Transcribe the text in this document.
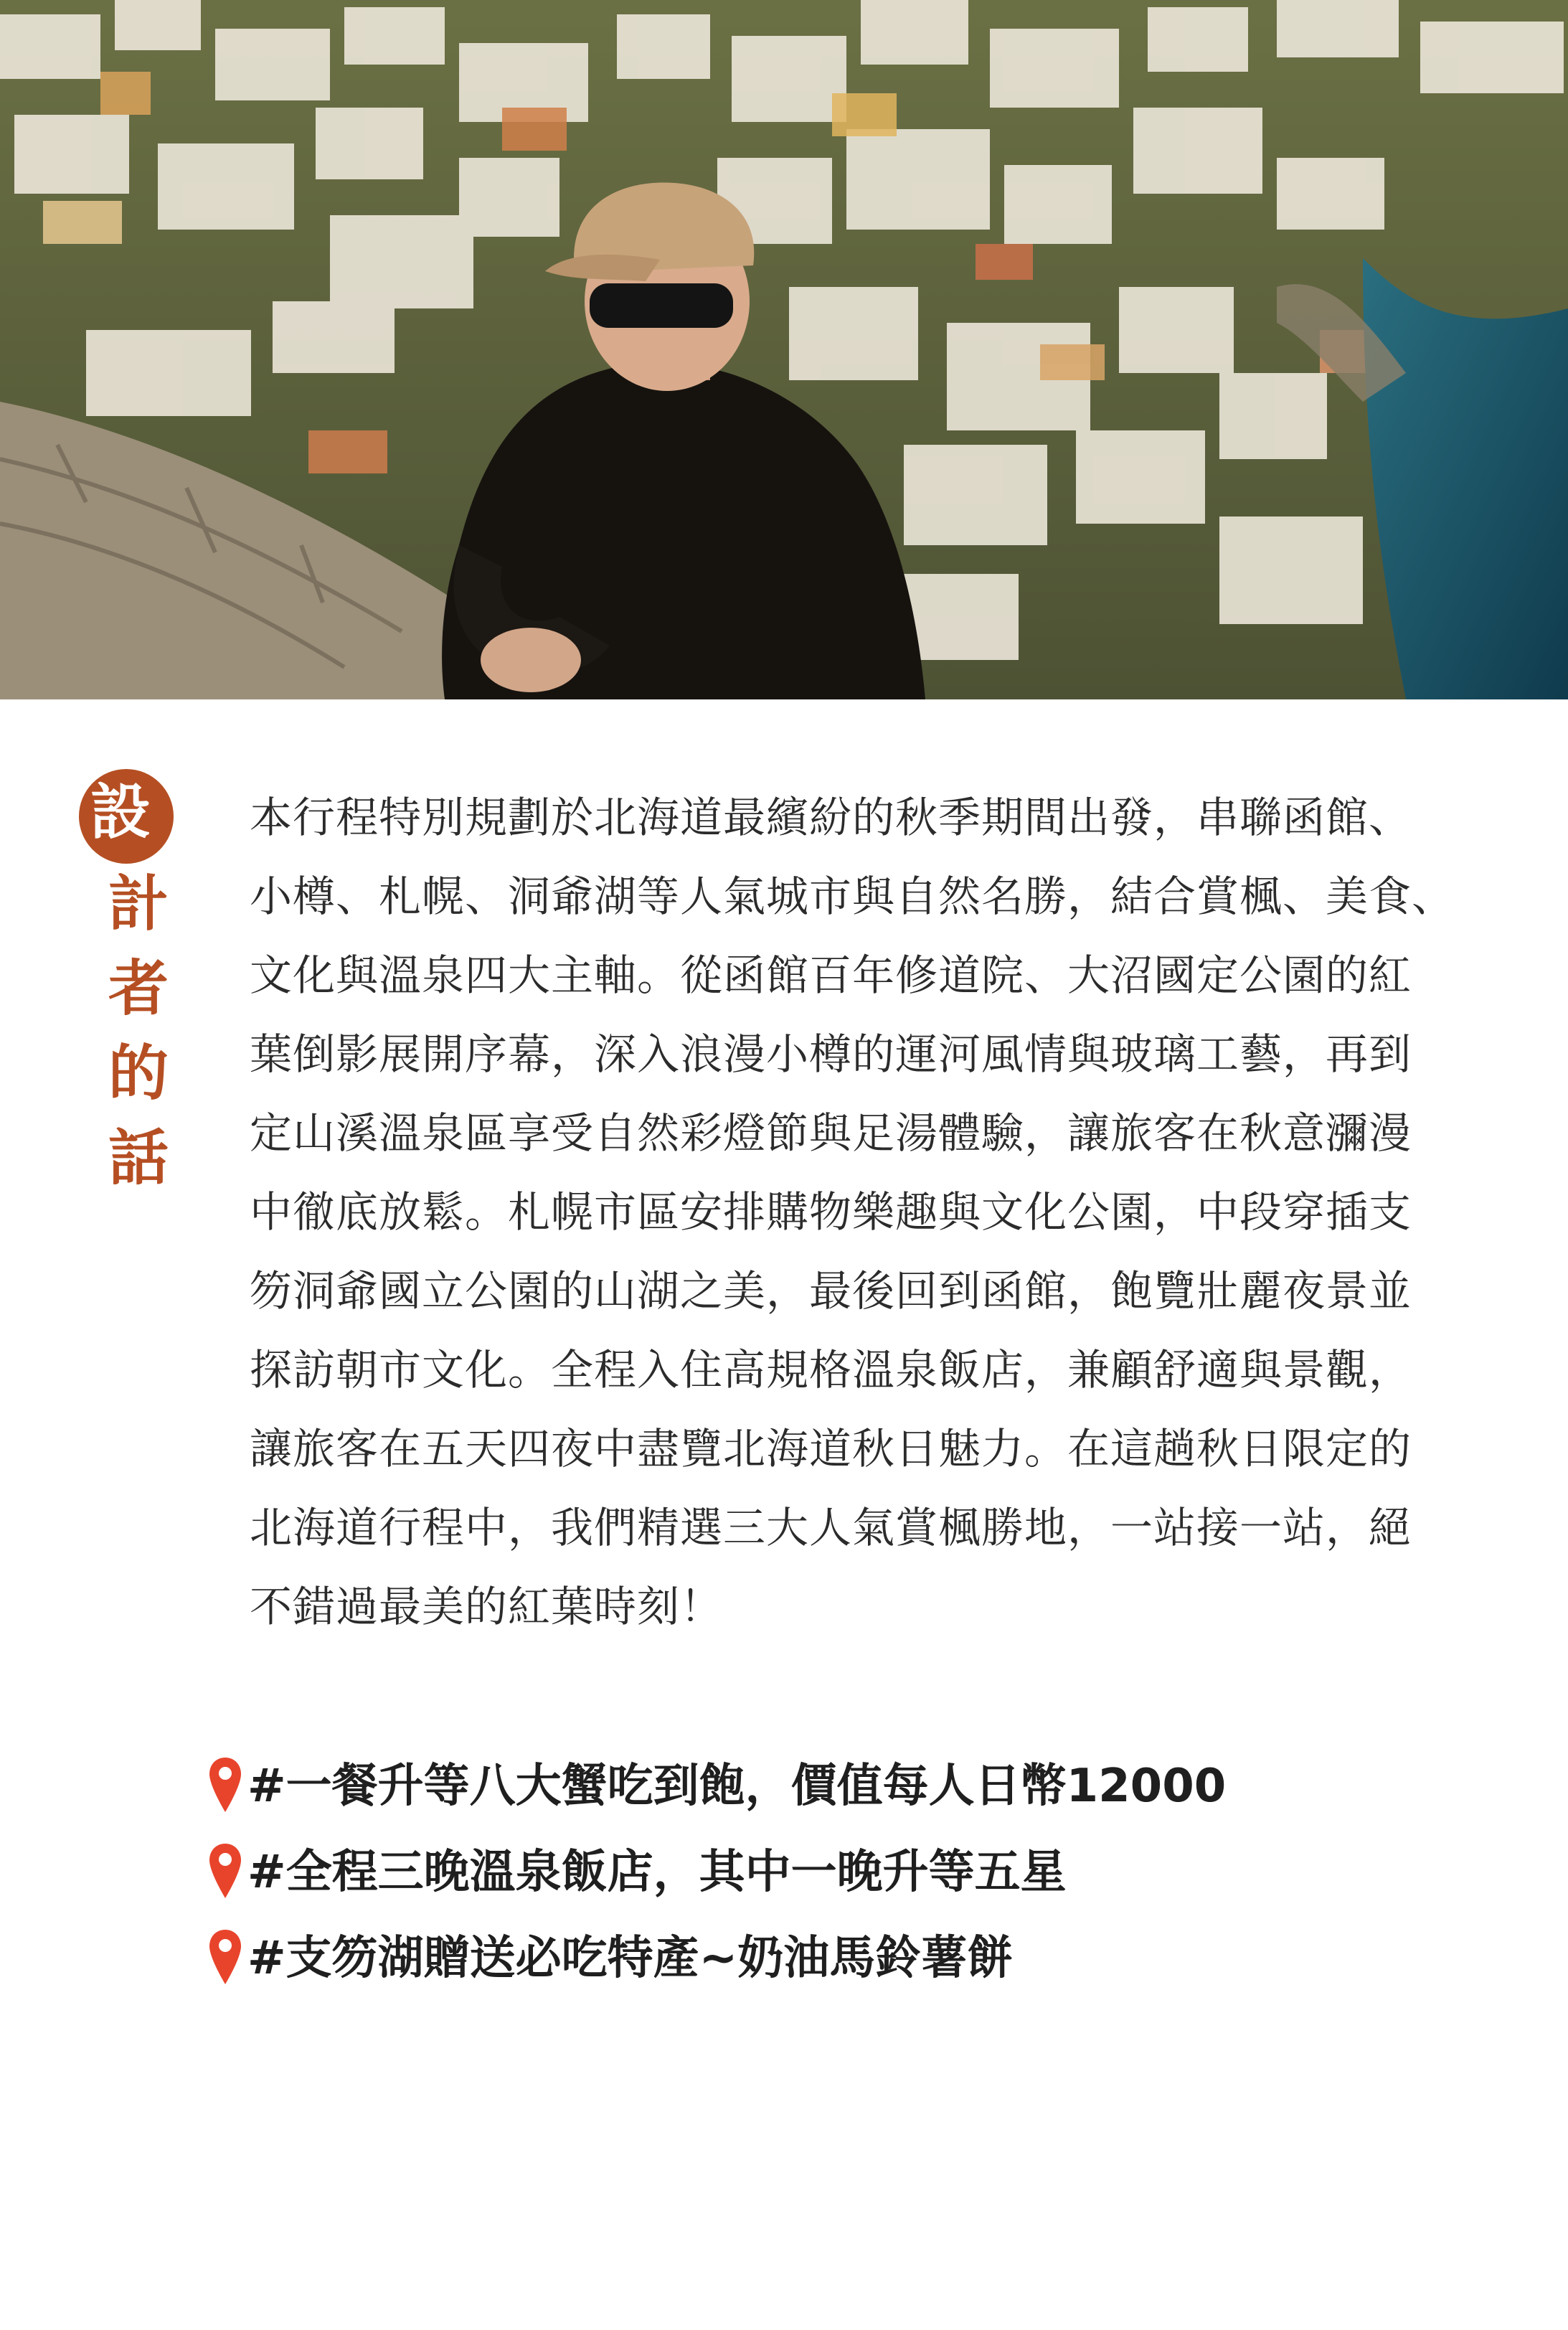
設
計
者
的
話
本行程特別規劃於北海道最繽紛的秋季期間出發，串聯函館、
小樽、札幌、洞爺湖等人氣城市與自然名勝，結合賞楓、美食、
文化與溫泉四大主軸。從函館百年修道院、大沼國定公園的紅
葉倒影展開序幕，深入浪漫小樽的運河風情與玻璃工藝，再到
定山溪溫泉區享受自然彩燈節與足湯體驗，讓旅客在秋意瀰漫
中徹底放鬆。札幌市區安排購物樂趣與文化公園，中段穿插支
笏洞爺國立公園的山湖之美，最後回到函館，飽覽壯麗夜景並
探訪朝市文化。全程入住高規格溫泉飯店，兼顧舒適與景觀，
讓旅客在五天四夜中盡覽北海道秋日魅力。在這趟秋日限定的
北海道行程中，我們精選三大人氣賞楓勝地，一站接一站，絕
不錯過最美的紅葉時刻！
#一餐升等八大蟹吃到飽，價值每人日幣12000
#全程三晚溫泉飯店，其中一晚升等五星
#支笏湖贈送必吃特產~奶油馬鈴薯餅
